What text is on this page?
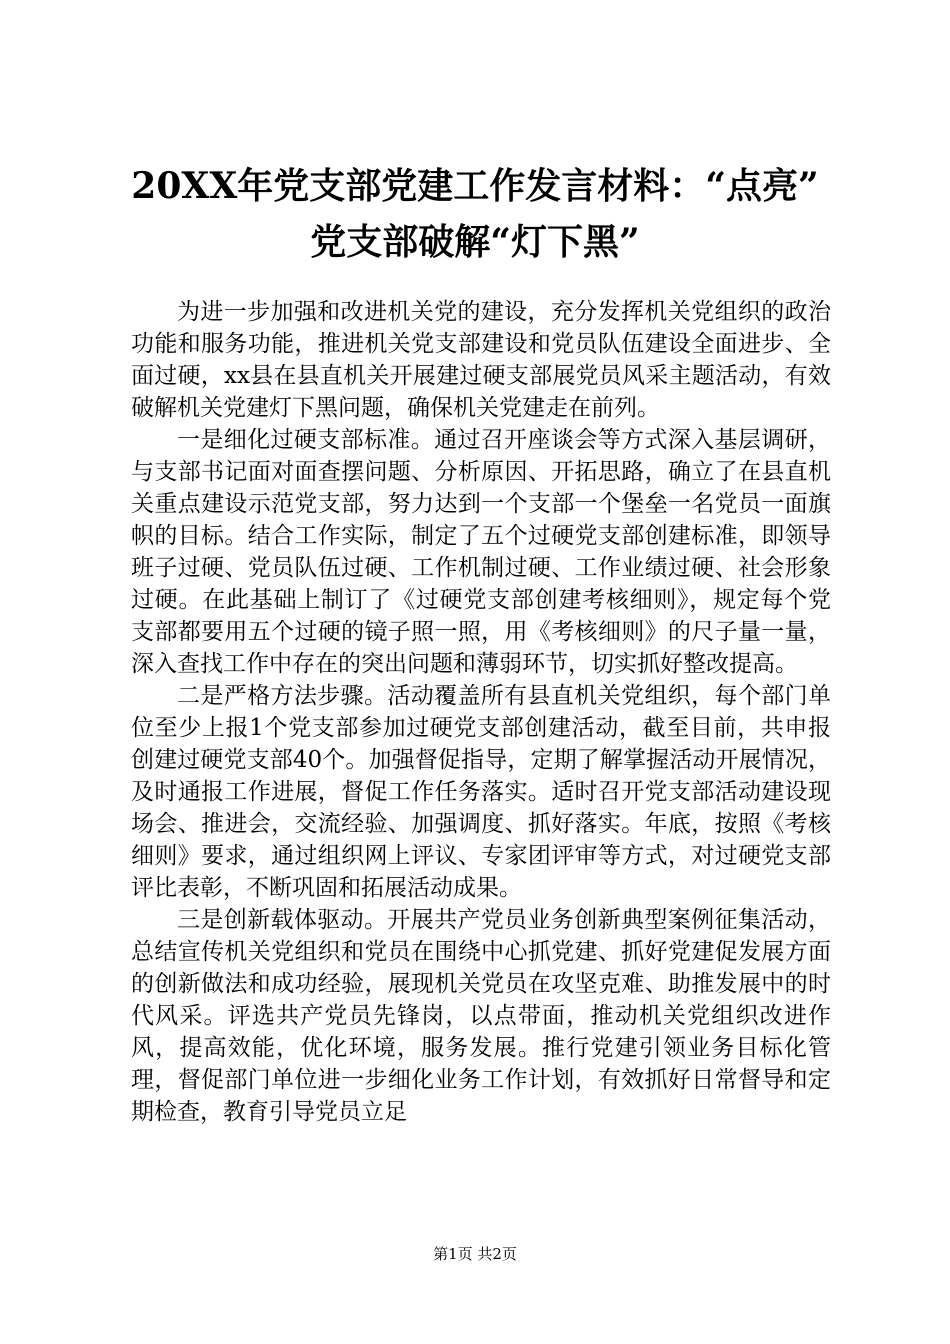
20XX年党支部党建工作发言材料：“点亮”
党支部破解“灯下黑”

为进一步加强和改进机关党的建设，充分发挥机关党组织的政治功能和服务功能，推进机关党支部建设和党员队伍建设全面进步、全面过硬，xx县在县直机关开展建过硬支部展党员风采主题活动，有效破解机关党建灯下黑问题，确保机关党建走在前列。

一是细化过硬支部标准。通过召开座谈会等方式深入基层调研，与支部书记面对面查摆问题、分析原因、开拓思路，确立了在县直机关重点建设示范党支部，努力达到一个支部一个堡垒一名党员一面旗帜的目标。结合工作实际，制定了五个过硬党支部创建标准，即领导班子过硬、党员队伍过硬、工作机制过硬、工作业绩过硬、社会形象过硬。在此基础上制订了《过硬党支部创建考核细则》，规定每个党支部都要用五个过硬的镜子照一照，用《考核细则》的尺子量一量，深入查找工作中存在的突出问题和薄弱环节，切实抓好整改提高。

二是严格方法步骤。活动覆盖所有县直机关党组织，每个部门单位至少上报1个党支部参加过硬党支部创建活动，截至目前，共申报创建过硬党支部40个。加强督促指导，定期了解掌握活动开展情况，及时通报工作进展，督促工作任务落实。适时召开党支部活动建设现场会、推进会，交流经验、加强调度、抓好落实。年底，按照《考核细则》要求，通过组织网上评议、专家团评审等方式，对过硬党支部评比表彰，不断巩固和拓展活动成果。

三是创新载体驱动。开展共产党员业务创新典型案例征集活动，总结宣传机关党组织和党员在围绕中心抓党建、抓好党建促发展方面的创新做法和成功经验，展现机关党员在攻坚克难、助推发展中的时代风采。评选共产党员先锋岗，以点带面，推动机关党组织改进作风，提高效能，优化环境，服务发展。推行党建引领业务目标化管理，督促部门单位进一步细化业务工作计划，有效抓好日常督导和定期检查，教育引导党员立足

第1页 共2页
